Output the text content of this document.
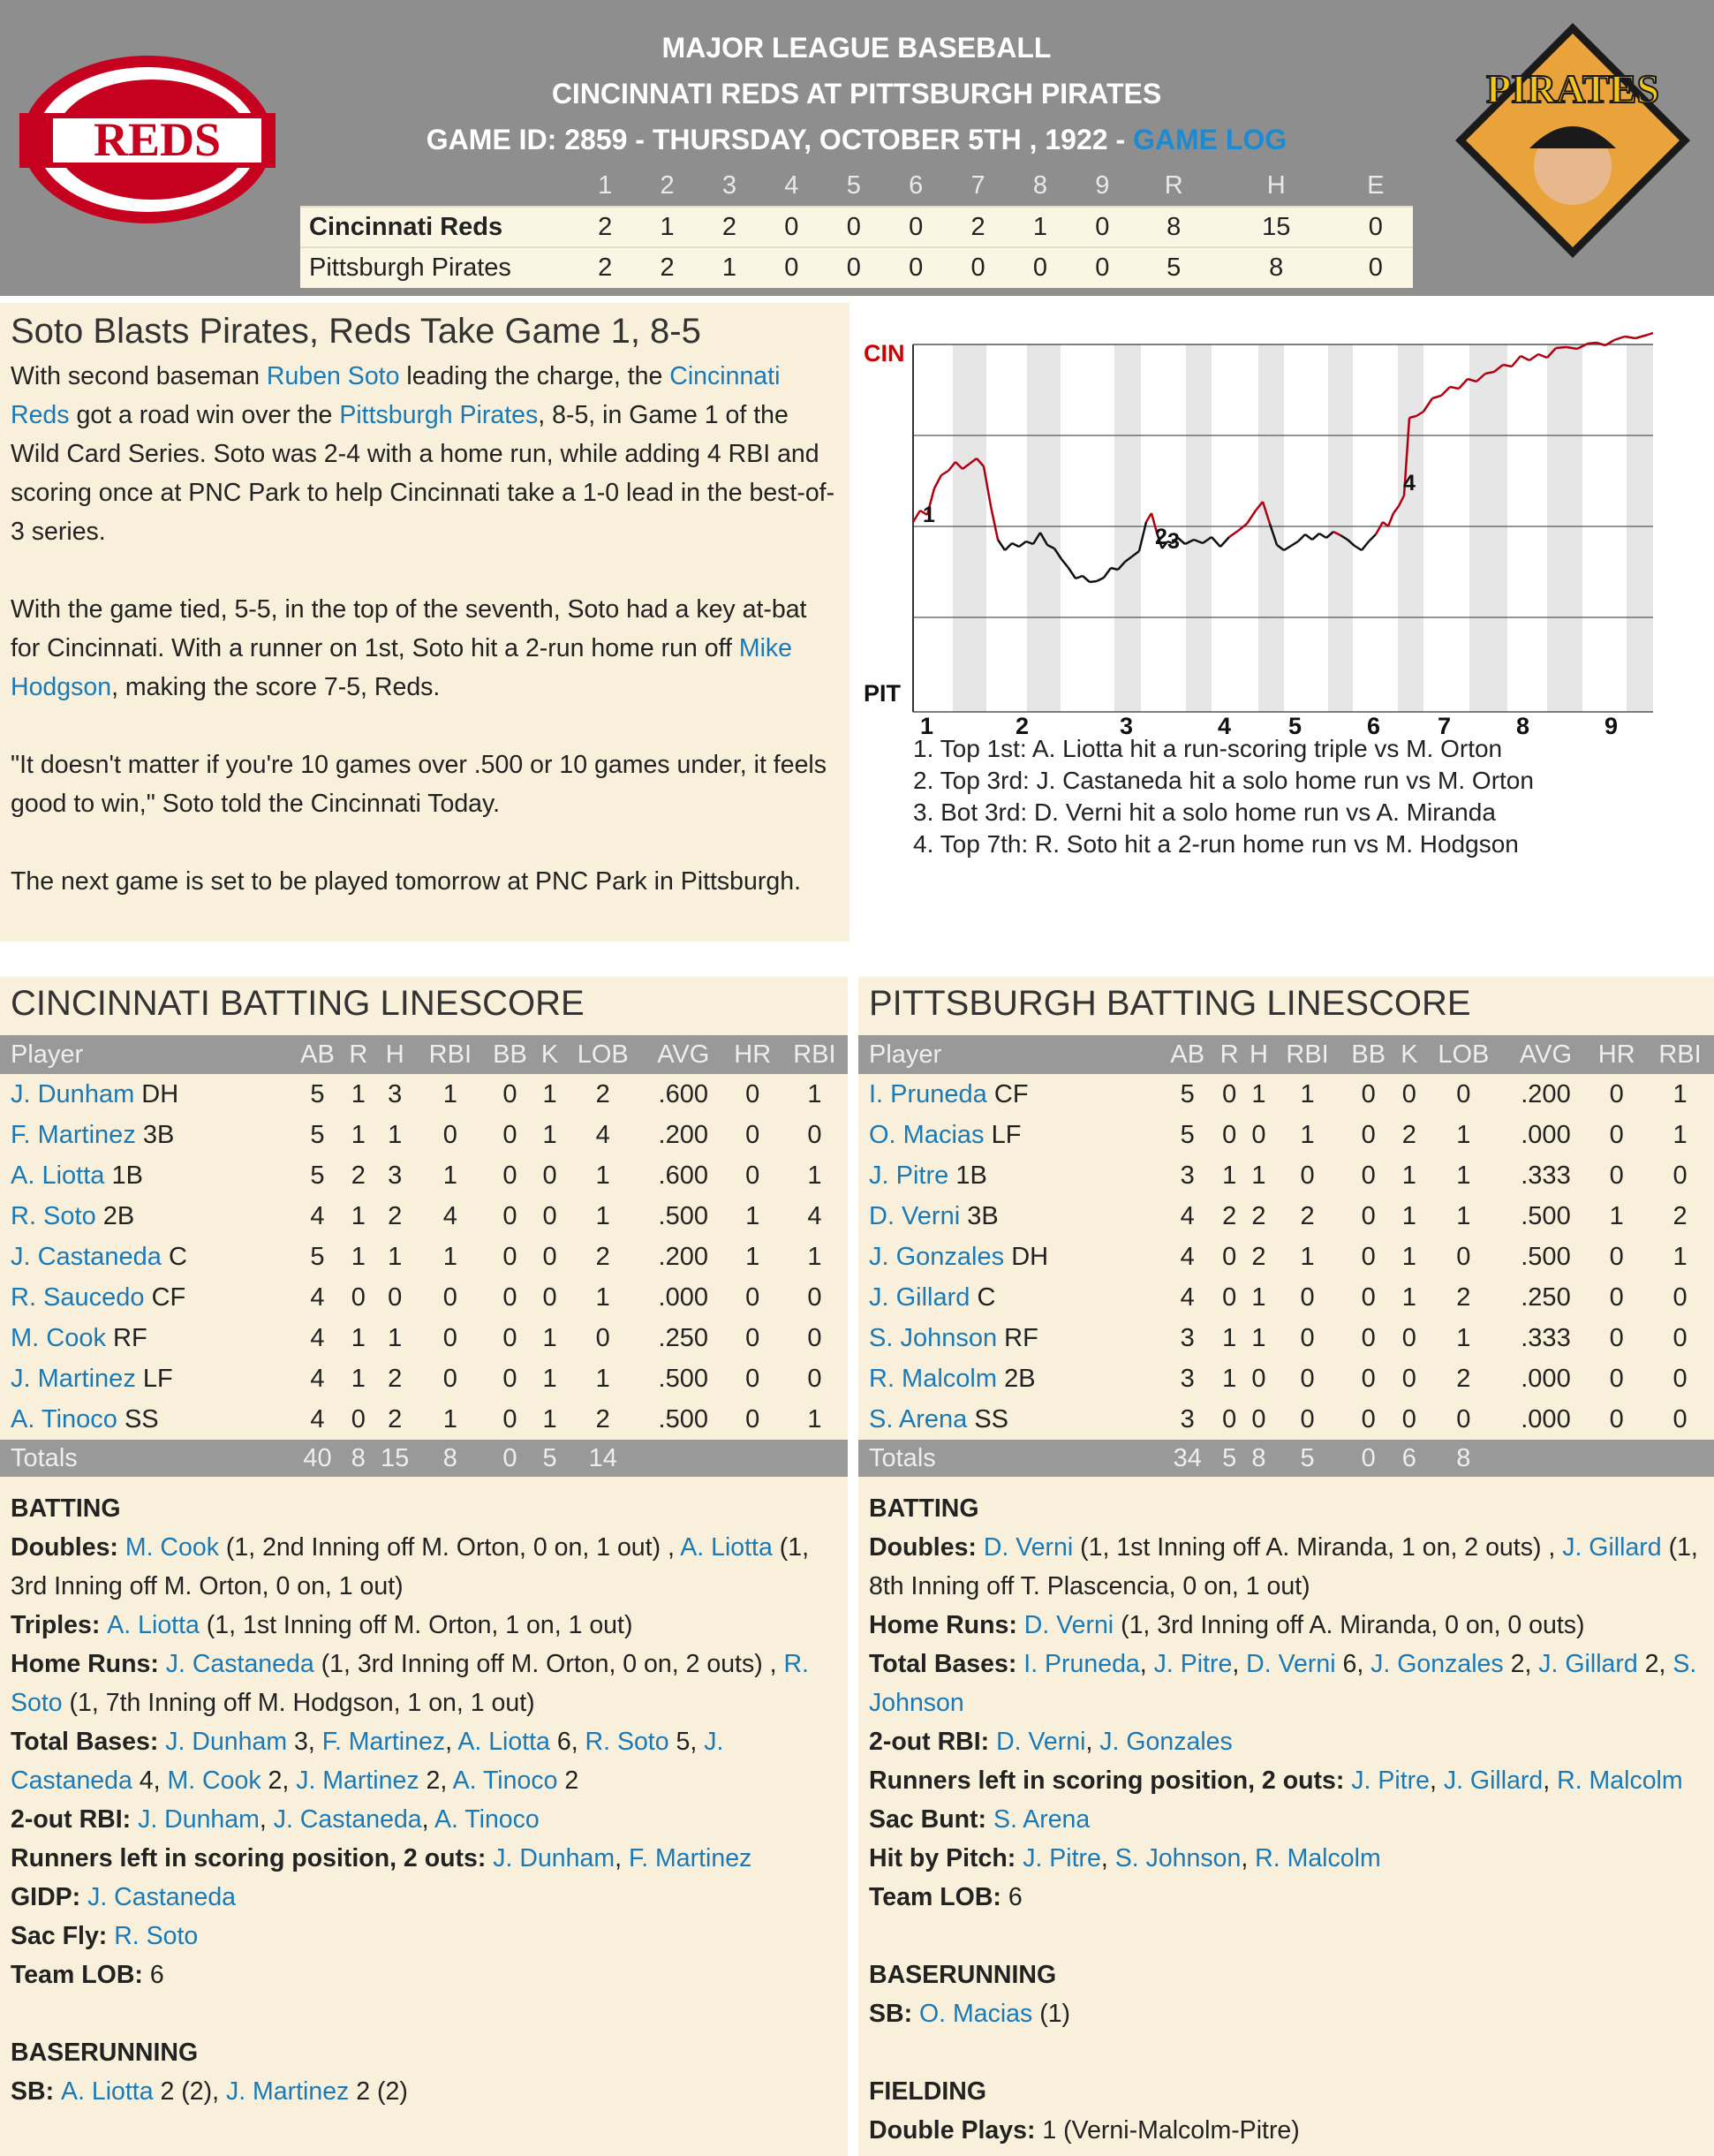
REDS
MAJOR LEAGUE BASEBALL
CINCINNATI REDS AT PITTSBURGH PIRATES
GAME ID: 2859 - THURSDAY, OCTOBER 5TH , 1922 - GAME LOG
	1	2	3	4	5	6	7	8	9	R	H	E
Cincinnati Reds	2	1	2	0	0	0	2	1	0	8	15	0
Pittsburgh Pirates	2	2	1	0	0	0	0	0	0	5	8	0
PIRATES
Soto Blasts Pirates, Reds Take Game 1, 8-5

With second baseman Ruben Soto leading the charge, the Cincinnati Reds got a road win over the Pittsburgh Pirates, 8-5, in Game 1 of the Wild Card Series. Soto was 2-4 with a home run, while adding 4 RBI and scoring once at PNC Park to help Cincinnati take a 1-0 lead in the best-of-3 series.

With the game tied, 5-5, in the top of the seventh, Soto had a key at-bat for Cincinnati. With a runner on 1st, Soto hit a 2-run home run off Mike Hodgson, making the score 7-5, Reds.

"It doesn't matter if you're 10 games over .500 or 10 games under, it feels good to win," Soto told the Cincinnati Today.

The next game is set to be played tomorrow at PNC Park in Pittsburgh.

CIN
PIT
1	2	3	4 5	6 7	8	9
1
2 3
4
1. Top 1st: A. Liotta hit a run-scoring triple vs M. Orton
2. Top 3rd: J. Castaneda hit a solo home run vs M. Orton
3. Bot 3rd: D. Verni hit a solo home run vs A. Miranda
4. Top 7th: R. Soto hit a 2-run home run vs M. Hodgson
CINCINNATI BATTING LINESCORE
Player	AB	R	H	RBI	BB	K	LOB	AVG	HR	RBI
J. Dunham DH	5	1	3	1	0	1	2	.600	0	1
F. Martinez 3B	5	1	1	0	0	1	4	.200	0	0
A. Liotta 1B	5	2	3	1	0	0	1	.600	0	1
R. Soto 2B	4	1	2	4	0	0	1	.500	1	4
J. Castaneda C	5	1	1	1	0	0	2	.200	1	1
R. Saucedo CF	4	0	0	0	0	0	1	.000	0	0
M. Cook RF	4	1	1	0	0	1	0	.250	0	0
J. Martinez LF	4	1	2	0	0	1	1	.500	0	0
A. Tinoco SS	4	0	2	1	0	1	2	.500	0	1
Totals	40	8	15	8	0	5	14			
BATTING
Doubles: M. Cook (1, 2nd Inning off M. Orton, 0 on, 1 out) , A. Liotta (1, 3rd Inning off M. Orton, 0 on, 1 out)
Triples: A. Liotta (1, 1st Inning off M. Orton, 1 on, 1 out)
Home Runs: J. Castaneda (1, 3rd Inning off M. Orton, 0 on, 2 outs) , R. Soto (1, 7th Inning off M. Hodgson, 1 on, 1 out)
Total Bases: J. Dunham 3, F. Martinez, A. Liotta 6, R. Soto 5, J. Castaneda 4, M. Cook 2, J. Martinez 2, A. Tinoco 2
2-out RBI: J. Dunham, J. Castaneda, A. Tinoco
Runners left in scoring position, 2 outs: J. Dunham, F. Martinez
GIDP: J. Castaneda
Sac Fly: R. Soto
Team LOB: 6
BASERUNNING
SB: A. Liotta 2 (2), J. Martinez 2 (2)
PITTSBURGH BATTING LINESCORE
Player	AB	R	H	RBI	BB	K	LOB	AVG	HR	RBI
I. Pruneda CF	5	0	1	1	0	0	0	.200	0	1
O. Macias LF	5	0	0	1	0	2	1	.000	0	1
J. Pitre 1B	3	1	1	0	0	1	1	.333	0	0
D. Verni 3B	4	2	2	2	0	1	1	.500	1	2
J. Gonzales DH	4	0	2	1	0	1	0	.500	0	1
J. Gillard C	4	0	1	0	0	1	2	.250	0	0
S. Johnson RF	3	1	1	0	0	0	1	.333	0	0
R. Malcolm 2B	3	1	0	0	0	0	2	.000	0	0
S. Arena SS	3	0	0	0	0	0	0	.000	0	0
Totals	34	5	8	5	0	6	8			
BATTING
Doubles: D. Verni (1, 1st Inning off A. Miranda, 1 on, 2 outs) , J. Gillard (1, 8th Inning off T. Plascencia, 0 on, 1 out)
Home Runs: D. Verni (1, 3rd Inning off A. Miranda, 0 on, 0 outs)
Total Bases: I. Pruneda, J. Pitre, D. Verni 6, J. Gonzales 2, J. Gillard 2, S. Johnson
2-out RBI: D. Verni, J. Gonzales
Runners left in scoring position, 2 outs: J. Pitre, J. Gillard, R. Malcolm
Sac Bunt: S. Arena
Hit by Pitch: J. Pitre, S. Johnson, R. Malcolm
Team LOB: 6
BASERUNNING
SB: O. Macias (1)
FIELDING
Double Plays: 1 (Verni-Malcolm-Pitre)
